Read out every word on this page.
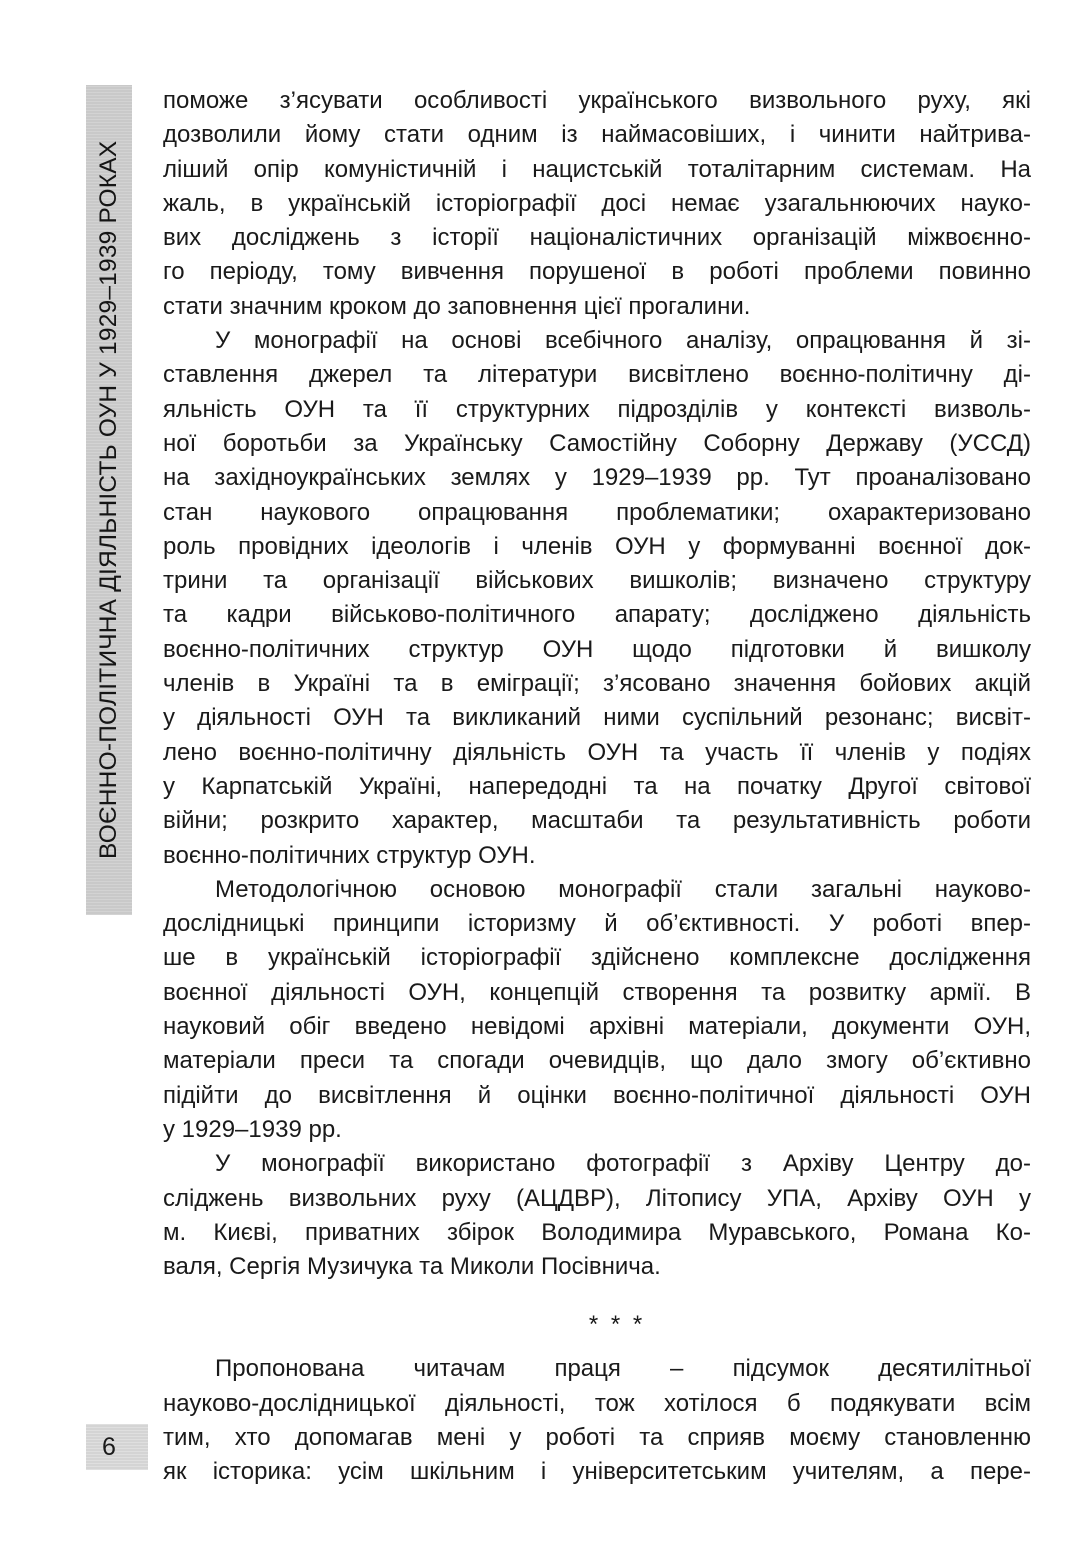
ВОЄННО-ПОЛІТИЧНА ДІЯЛЬНІСТЬ ОУН У 1929–1939 РОКАХ
6
поможе з’ясувати особливості українського визвольного руху, які
дозволили йому стати одним із наймасовіших, і чинити найтрива-
ліший опір комуністичній і нацистській тоталітарним системам. На
жаль, в українській історіографії досі немає узагальнюючих науко-
вих досліджень з історії націоналістичних організацій міжвоєнно-
го періоду, тому вивчення порушеної в роботі проблеми повинно
стати значним кроком до заповнення цієї прогалини.
У монографії на основі всебічного аналізу, опрацювання й зі-
ставлення джерел та літератури висвітлено воєнно-політичну ді-
яльність ОУН та її структурних підрозділів у контексті визволь-
ної боротьби за Українську Самостійну Соборну Державу (УССД)
на західноукраїнських землях у 1929–1939 рр. Тут проаналізовано
стан наукового опрацювання проблематики; охарактеризовано
роль провідних ідеологів і членів ОУН у формуванні воєнної док-
трини та організації військових вишколів; визначено структуру
та кадри військово-політичного апарату; досліджено діяльність
воєнно-політичних структур ОУН щодо підготовки й вишколу
членів в Україні та в еміграції; з’ясовано значення бойових акцій
у діяльності ОУН та викликаний ними суспільний резонанс; висвіт-
лено воєнно-політичну діяльність ОУН та участь її членів у подіях
у Карпатській Україні, напередодні та на початку Другої світової
війни; розкрито характер, масштаби та результативність роботи
воєнно-політичних структур ОУН.
Методологічною основою монографії стали загальні науково-
дослідницькі принципи історизму й об’єктивності. У роботі впер-
ше в українській історіографії здійснено комплексне дослідження
воєнної діяльності ОУН, концепцій створення та розвитку армії. В
науковий обіг введено невідомі архівні матеріали, документи ОУН,
матеріали преси та спогади очевидців, що дало змогу об’єктивно
підійти до висвітлення й оцінки воєнно-політичної діяльності ОУН
у 1929–1939 рр.
У монографії використано фотографії з Архіву Центру до-
сліджень визвольних руху (АЦДВР), Літопису УПА, Архіву ОУН у
м. Києві, приватних збірок Володимира Муравського, Романа Ко-
валя, Сергія Музичука та Миколи Посівнича.
* * *
Пропонована читачам праця – підсумок десятилітньої
науково-дослідницької діяльності, тож хотілося б подякувати всім
тим, хто допомагав мені у роботі та сприяв моєму становленню
як історика: усім шкільним і університетським учителям, а пере-
